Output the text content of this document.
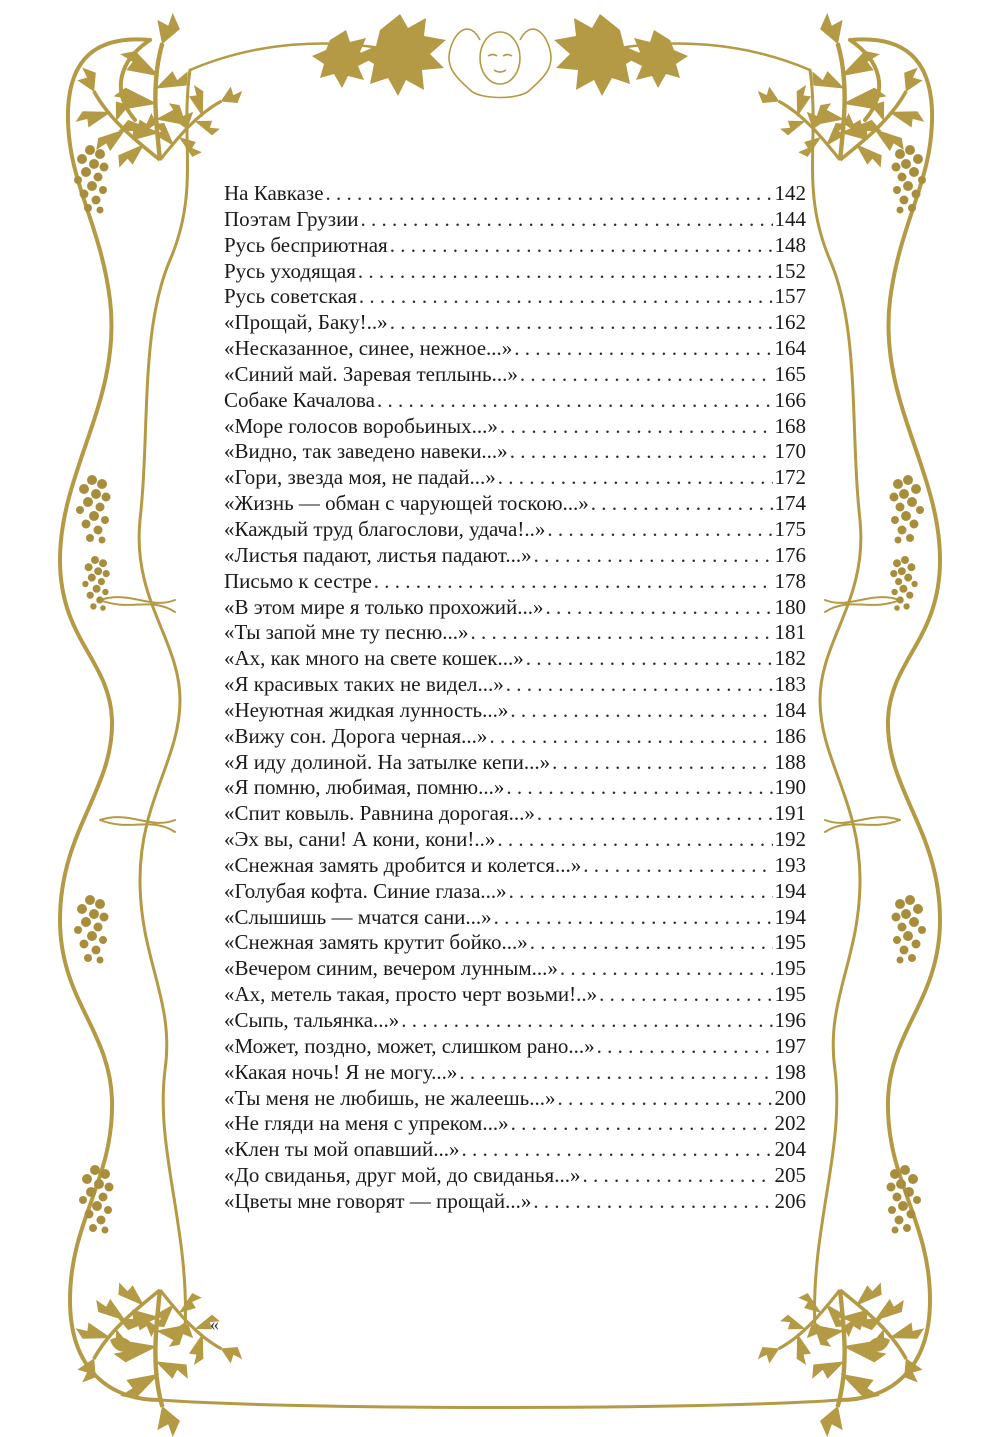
На Кавказе . . .	142
Поэтам Грузии . . .	144
Русь бесприютная . . .	148
Русь уходящая . . .	152
Русь советская . . .	157
«Прощай, Баку!..» . . .	162
«Несказанное, синее, нежное...» . . .	164
«Синий май. Заревая теплынь...» . . .	165
Собаке Качалова . . .	166
«Море голосов воробьиных...» . . .	168
«Видно, так заведено навеки...» . . .	170
«Гори, звезда моя, не падай...» . . .	172
«Жизнь — обман с чарующей тоскою...» . . .	174
«Каждый труд благослови, удача!..» . . .	175
«Листья падают, листья падают...» . . .	176
Письмо к сестре . . .	178
«В этом мире я только прохожий...» . . .	180
«Ты запой мне ту песню...» . . .	181
«Ах, как много на свете кошек...» . . .	182
«Я красивых таких не видел...» . . .	183
«Неуютная жидкая лунность...» . . .	184
«Вижу сон. Дорога черная...» . . .	186
«Я иду долиной. На затылке кепи...» . . .	188
«Я помню, любимая, помню...» . . .	190
«Спит ковыль. Равнина дорогая...» . . .	191
«Эх вы, сани! А кони, кони!..» . . .	192
«Снежная замять дробится и колется...» . . .	193
«Голубая кофта. Синие глаза...» . . .	194
«Слышишь — мчатся сани...» . . .	194
«Снежная замять крутит бойко...» . . .	195
«Вечером синим, вечером лунным...» . . .	195
«Ах, метель такая, просто черт возьми!..» . . .	195
«Сыпь, тальянка...» . . .	196
«Может, поздно, может, слишком рано...» . . .	197
«Какая ночь! Я не могу...» . . .	198
«Ты меня не любишь, не жалеешь...» . . .	200
«Не гляди на меня с упреком...» . . .	202
«Клен ты мой опавший...» . . .	204
«До свиданья, друг мой, до свиданья...» . . .	205
«Цветы мне говорят — прощай...» . . .	206
«
